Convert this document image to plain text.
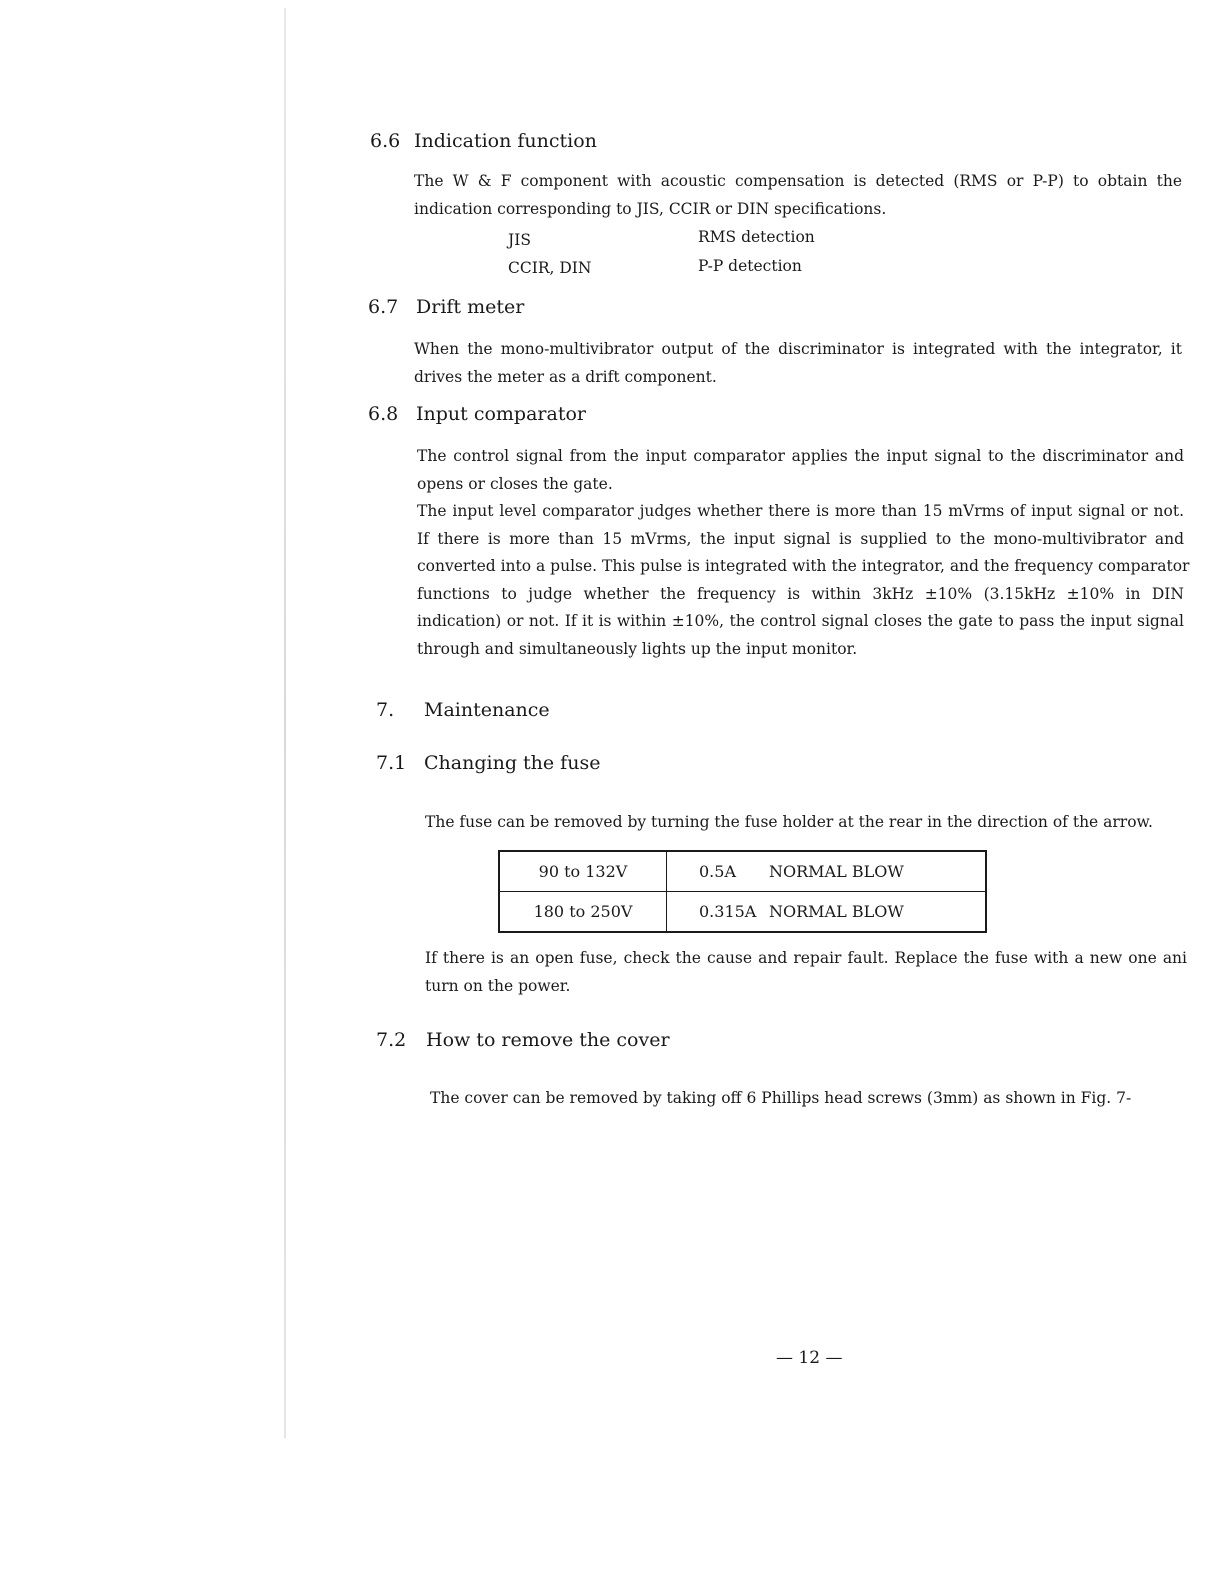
6.6 Indication function
The W & F component with acoustic compensation is detected (RMS or P-P) to obtain the
indication corresponding to JIS, CCIR or DIN specifications.
JIS	RMS detection
CCIR, DIN	P-P detection
6.7 Drift meter
When the mono-multivibrator output of the discriminator is integrated with the integrator, it
drives the meter as a drift component.
6.8 Input comparator
The control signal from the input comparator applies the input signal to the discriminator and
opens or closes the gate.
The input level comparator judges whether there is more than 15 mVrms of input signal or not.
If there is more than 15 mVrms, the input signal is supplied to the mono-multivibrator and
converted into a pulse. This pulse is integrated with the integrator, and the frequency comparator
functions to judge whether the frequency is within 3kHz ±10% (3.15kHz ±10% in DIN
indication) or not. If it is within ±10%, the control signal closes the gate to pass the input signal
through and simultaneously lights up the input monitor.
7. Maintenance
7.1 Changing the fuse
The fuse can be removed by turning the fuse holder at the rear in the direction of the arrow.
90 to 132V	0.5A NORMAL BLOW
180 to 250V	0.315A NORMAL BLOW
If there is an open fuse, check the cause and repair fault. Replace the fuse with a new one ani
turn on the power.
7.2 How to remove the cover
The cover can be removed by taking off 6 Phillips head screws (3mm) as shown in Fig. 7-
— 12 —
